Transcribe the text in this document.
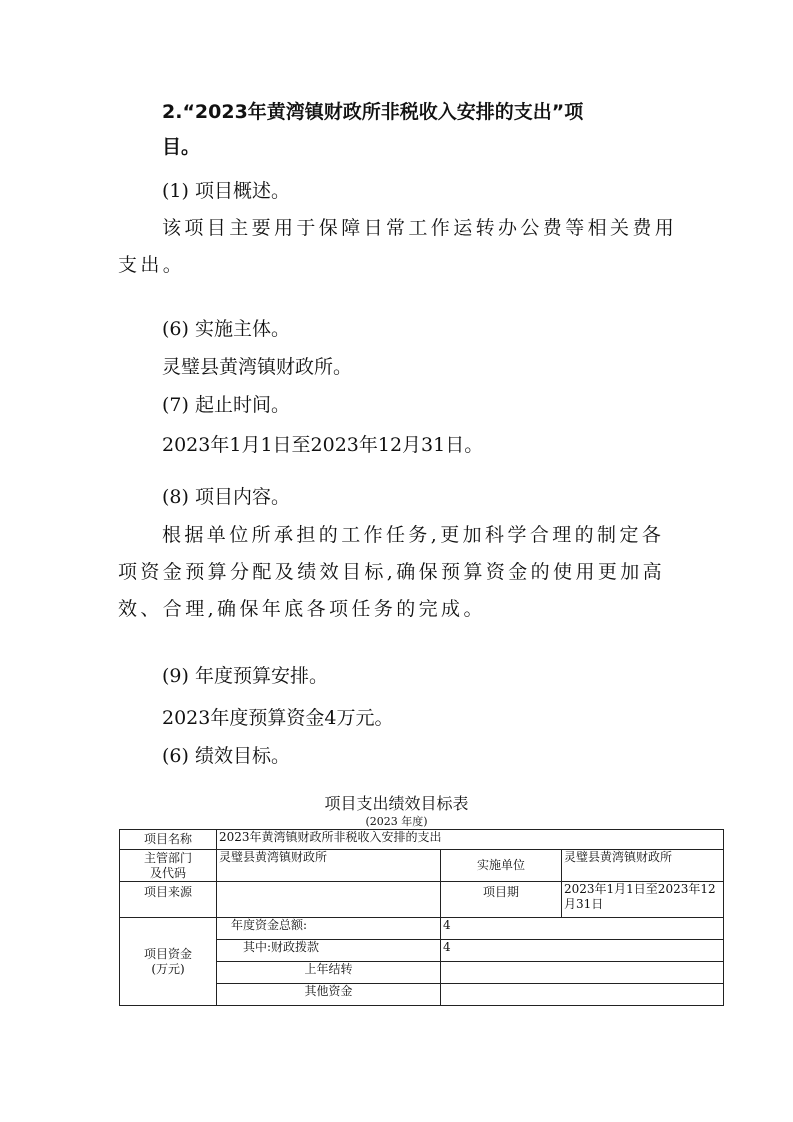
2.“2023年黄湾镇财政所非税收入安排的支出”项
目。
(1) 项目概述。
该项目主要用于保障日常工作运转办公费等相关费用支出。
(6) 实施主体。
灵璧县黄湾镇财政所。
(7) 起止时间。
2023年1月1日至2023年12月31日。
(8) 项目内容。
根据单位所承担的工作任务,更加科学合理的制定各项资金预算分配及绩效目标,确保预算资金的使用更加高效、合理,确保年底各项任务的完成。
(9) 年度预算安排。
2023年度预算资金4万元。
(6) 绩效目标。
项目支出绩效目标表
(2023 年度)
项目名称	2023年黄湾镇财政所非税收入安排的支出		

主管部门
及代码	灵璧县黄湾镇财政所	实施单位	灵璧县黄湾镇财政所
项目来源		项目期	2023年1月1日至2023年12月31日

项目资金
(万元)	年度资金总额:	4	
	其中:财政拨款	4	
	上年结转		
	其他资金		
